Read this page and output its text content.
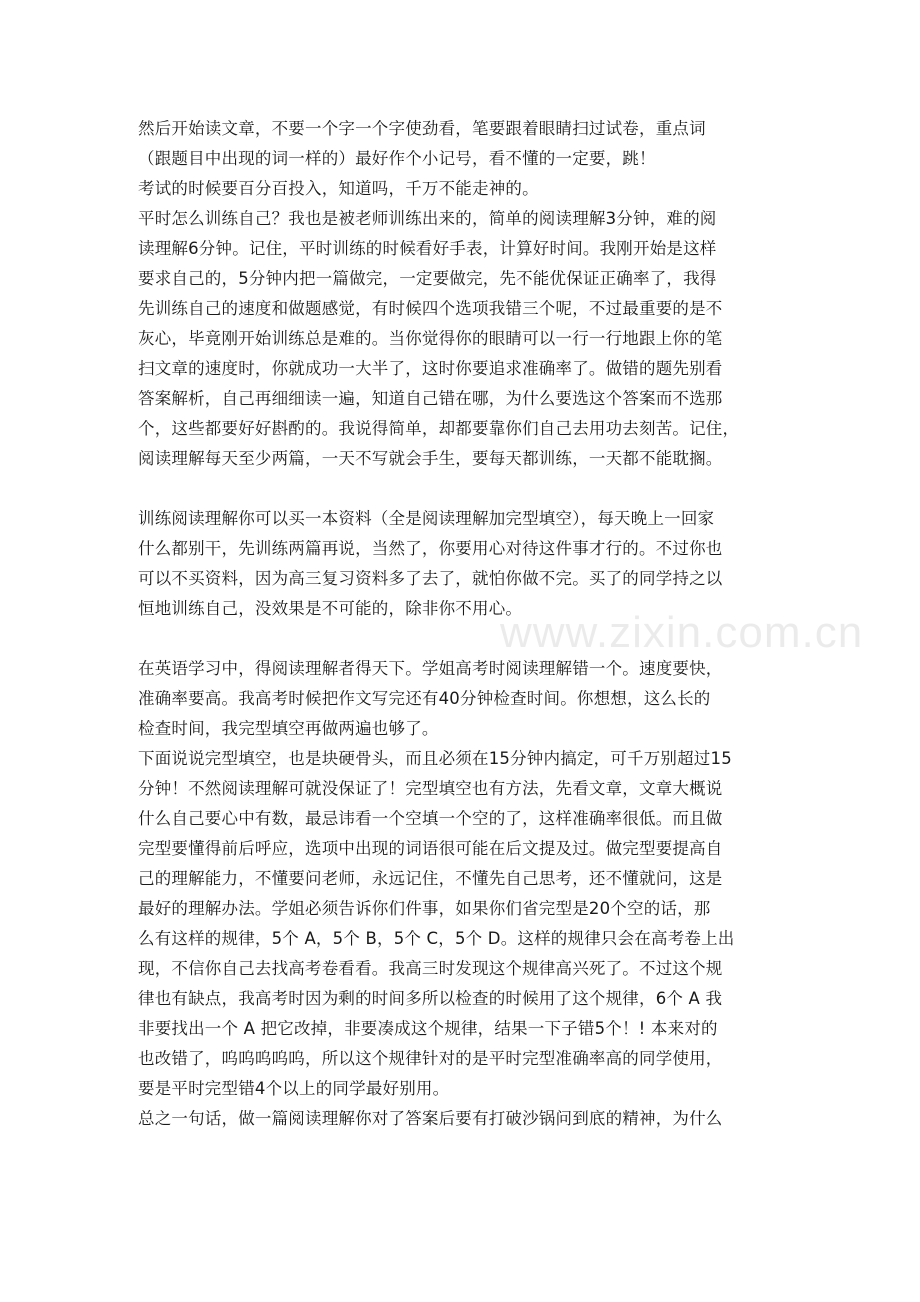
www.zixin.com.cn
然后开始读文章，不要一个字一个字使劲看，笔要跟着眼睛扫过试卷，重点词
（跟题目中出现的词一样的）最好作个小记号，看不懂的一定要，跳！
考试的时候要百分百投入，知道吗，千万不能走神的。
平时怎么训练自己？我也是被老师训练出来的，简单的阅读理解3分钟，难的阅
读理解6分钟。记住，平时训练的时候看好手表，计算好时间。我刚开始是这样
要求自己的，5分钟内把一篇做完，一定要做完，先不能优保证正确率了，我得
先训练自己的速度和做题感觉，有时候四个选项我错三个呢，不过最重要的是不
灰心，毕竟刚开始训练总是难的。当你觉得你的眼睛可以一行一行地跟上你的笔
扫文章的速度时，你就成功一大半了，这时你要追求准确率了。做错的题先别看
答案解析，自己再细细读一遍，知道自己错在哪，为什么要选这个答案而不选那
个，这些都要好好斟酌的。我说得简单，却都要靠你们自己去用功去刻苦。记住，
阅读理解每天至少两篇，一天不写就会手生，要每天都训练，一天都不能耽搁。
训练阅读理解你可以买一本资料（全是阅读理解加完型填空），每天晚上一回家
什么都别干，先训练两篇再说，当然了，你要用心对待这件事才行的。不过你也
可以不买资料，因为高三复习资料多了去了，就怕你做不完。买了的同学持之以
恒地训练自己，没效果是不可能的，除非你不用心。
在英语学习中，得阅读理解者得天下。学姐高考时阅读理解错一个。速度要快，
准确率要高。我高考时候把作文写完还有40分钟检查时间。你想想，这么长的
检查时间，我完型填空再做两遍也够了。
下面说说完型填空，也是块硬骨头，而且必须在15分钟内搞定，可千万别超过15
分钟！不然阅读理解可就没保证了！完型填空也有方法，先看文章，文章大概说
什么自己要心中有数，最忌讳看一个空填一个空的了，这样准确率很低。而且做
完型要懂得前后呼应，选项中出现的词语很可能在后文提及过。做完型要提高自
己的理解能力，不懂要问老师，永远记住，不懂先自己思考，还不懂就问，这是
最好的理解办法。学姐必须告诉你们件事，如果你们省完型是20个空的话，那
么有这样的规律，5个 A，5个 B，5个 C，5个 D。这样的规律只会在高考卷上出
现，不信你自己去找高考卷看看。我高三时发现这个规律高兴死了。不过这个规
律也有缺点，我高考时因为剩的时间多所以检查的时候用了这个规律，6个 A 我
非要找出一个 A 把它改掉，非要凑成这个规律，结果一下子错5个！! 本来对的
也改错了，呜呜呜呜呜，所以这个规律针对的是平时完型准确率高的同学使用，
要是平时完型错4个以上的同学最好别用。
总之一句话，做一篇阅读理解你对了答案后要有打破沙锅问到底的精神，为什么
